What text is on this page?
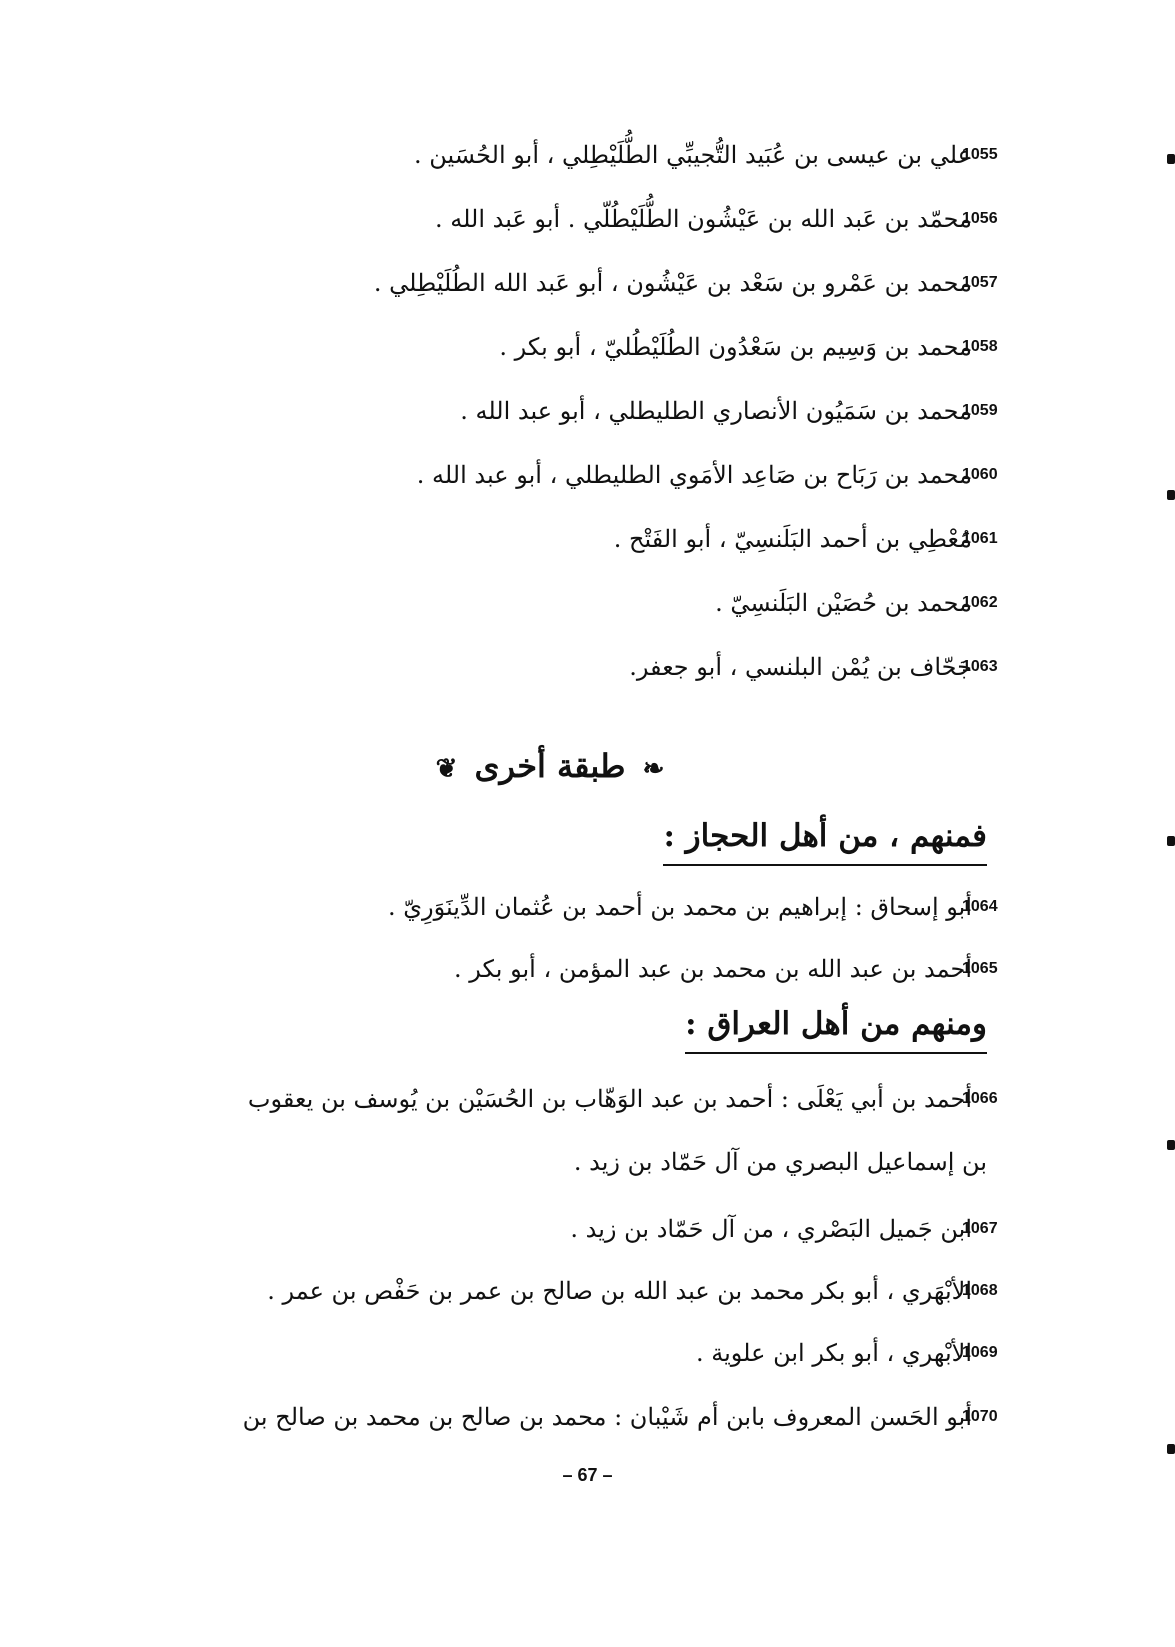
علي بن عيسى بن عُبَيد التُّجيبِّي الطُّلَيْطِلي ، أبو الحُسَين .
1055
محمّد بن عَبد الله بن عَيْشُون الطُّلَيْطُلّي . أبو عَبد الله .
1056
محمد بن عَمْرو بن سَعْد بن عَيْشُون ، أبو عَبد الله الطُلَيْطِلي .
1057
محمد بن وَسِيم بن سَعْدُون الطُلَيْطُليّ ، أبو بكر .
1058
محمد بن سَمَيُون الأنصاري الطليطلي ، أبو عبد الله .
1059
محمد بن رَبَاح بن صَاعِد الأمَوي الطليطلي ، أبو عبد الله .
1060
مُعْطِي بن أحمد البَلَنسِيّ ، أبو الفَتْح .
1061
محمد بن حُصَيْن البَلَنسِيّ .
1062
جَحّاف بن يُمْن البلنسي ، أبو جعفر.
1063
❧ طبقة أخرى ❦
فمنهم ، من أهل الحجاز :
أبو إسحاق : إبراهيم بن محمد بن أحمد بن عُثمان الدِّينَوَرِيّ .
1064
أحمد بن عبد الله بن محمد بن عبد المؤمن ، أبو بكر .
1065
ومنهم من أهل العراق :
أحمد بن أبي يَعْلَى : أحمد بن عبد الوَهّاب بن الحُسَيْن بن يُوسف بن يعقوب
1066
بن إسماعيل البصري من آل حَمّاد بن زيد .
ابن جَميل البَصْري ، من آل حَمّاد بن زيد .
1067
الأبْهَري ، أبو بكر محمد بن عبد الله بن صالح بن عمر بن حَفْص بن عمر .
1068
الأبْهري ، أبو بكر ابن علوية .
1069
أبو الحَسن المعروف بابن أم شَيْبان : محمد بن صالح بن محمد بن صالح بن
1070
– 67 –
